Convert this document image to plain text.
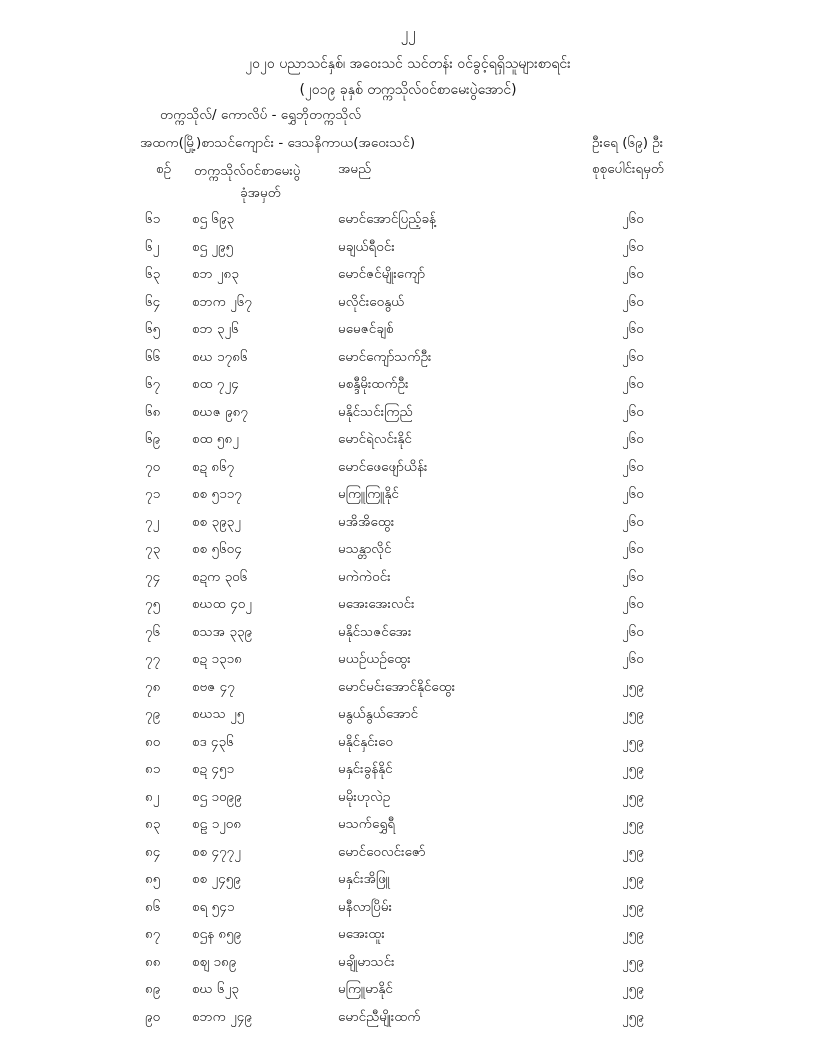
၂၂
၂၀၂၀ ပညာသင်နှစ်၊ အဝေးသင် သင်တန်း ဝင်ခွင့်ရရှိသူများစာရင်း
(၂၀၁၉ ခုနှစ် တက္ကသိုလ်ဝင်စာမေးပွဲအောင်)
တက္ကသိုလ်/ ကောလိပ် - ရွှေဘိုတက္ကသိုလ်
အထက(မြို့)စာသင်ကျောင်း - ဒေသနိကာယ(အဝေးသင်)	ဦးရေ (၆၉) ဦး
စဥ် တက္ကသိုလ်ဝင်စာမေးပွဲ
ခုံအမှတ်
အမည်	စုစုပေါင်းရမှတ်
၆၁ စဌ ၆၉၃	မောင်အောင်ပြည့်ခန့်	၂၆၀
၆၂ စဌ ၂၉၅	မချယ်ရီဝင်း	၂၆၀
၆၃ စဘ ၂၈၃	မောင်ဇင်မျိုးကျော်	၂၆၀
၆၄ စဘက ၂၆၇	မလိုင်းဝေနွယ်	၂၆၀
၆၅ စဘ ၃၂၆	မမေဇင်ချစ်	၂၆၀
၆၆ စဃ ၁၇၈၆	မောင်ကျော်သက်ဦး	၂၆၀
၆၇ စထ ၇၂၄	မစန္ဒီမိုးထက်ဦး	၂၆၀
၆၈ စဃဇ ၉၈၇	မနိုင်သင်းကြည်	၂၆၀
၆၉ စထ ၅၈၂	မောင်ရဲလင်းနိုင်	၂၆၀
၇၀ စဍ ၈၆၇	မောင်ဖေဖျော်ယိန်း	၂၆၀
၇၁ စစ ၅၁၁၇	မကြူကြူနိုင်	၂၆၀
၇၂ စစ ၃၉၃၂	မအိအိထွေး	၂၆၀
၇၃ စစ ၅၆၀၄	မသန္တာလိုင်	၂၆၀
၇၄ စဍက ၃၀၆	မကဲကဲဝင်း	၂၆၀
၇၅ စဃထ ၄၀၂	မအေးအေးလင်း	၂၆၀
၇၆ စသအ ၃၃၉	မနိုင်သဇင်အေး	၂၆၀
၇၇ စဍ ၁၃၁၈	မယဉ်ယဉ်ထွေး	၂၆၀
၇၈ စဗဇ ၄၇	မောင်မင်းအောင်နိုင်ထွေး	၂၅၉
၇၉ စဃသ ၂၅	မနွယ်နွယ်အောင်	၂၅၉
၈၀ စဒ ၄၃၆	မနိုင်နှင်းဝေ	၂၅၉
၈၁ စဍ ၄၅၁	မနှင်းခွန်နိုင်	၂၅၉
၈၂ စဌ ၁၀၉၉	မမိုးဟုလဲဥ	၂၅၉
၈၃ စဠ ၁၂၀၈	မသက်ရွှေရီ	၂၅၉
၈၄ စစ ၄၇၇၂	မောင်ဝေလင်းဇော်	၂၅၉
၈၅ စစ ၂၄၅၉	မနှင်းအိဖြူ	၂၅၉
၈၆ စရ ၅၄၁	မနီလာပြိမ်း	၂၅၉
၈၇ စဌန ၈၅၉	မအေးထူး	၂၅၉
၈၈ စဈ ၁၈၉	မချိုမာသင်း	၂၅၉
၈၉ စဃ ၆၂၃	မကြူမာနိုင်	၂၅၉
၉၀ စဘက ၂၄၉	မောင်ညီမျိုးထက်	၂၅၉
